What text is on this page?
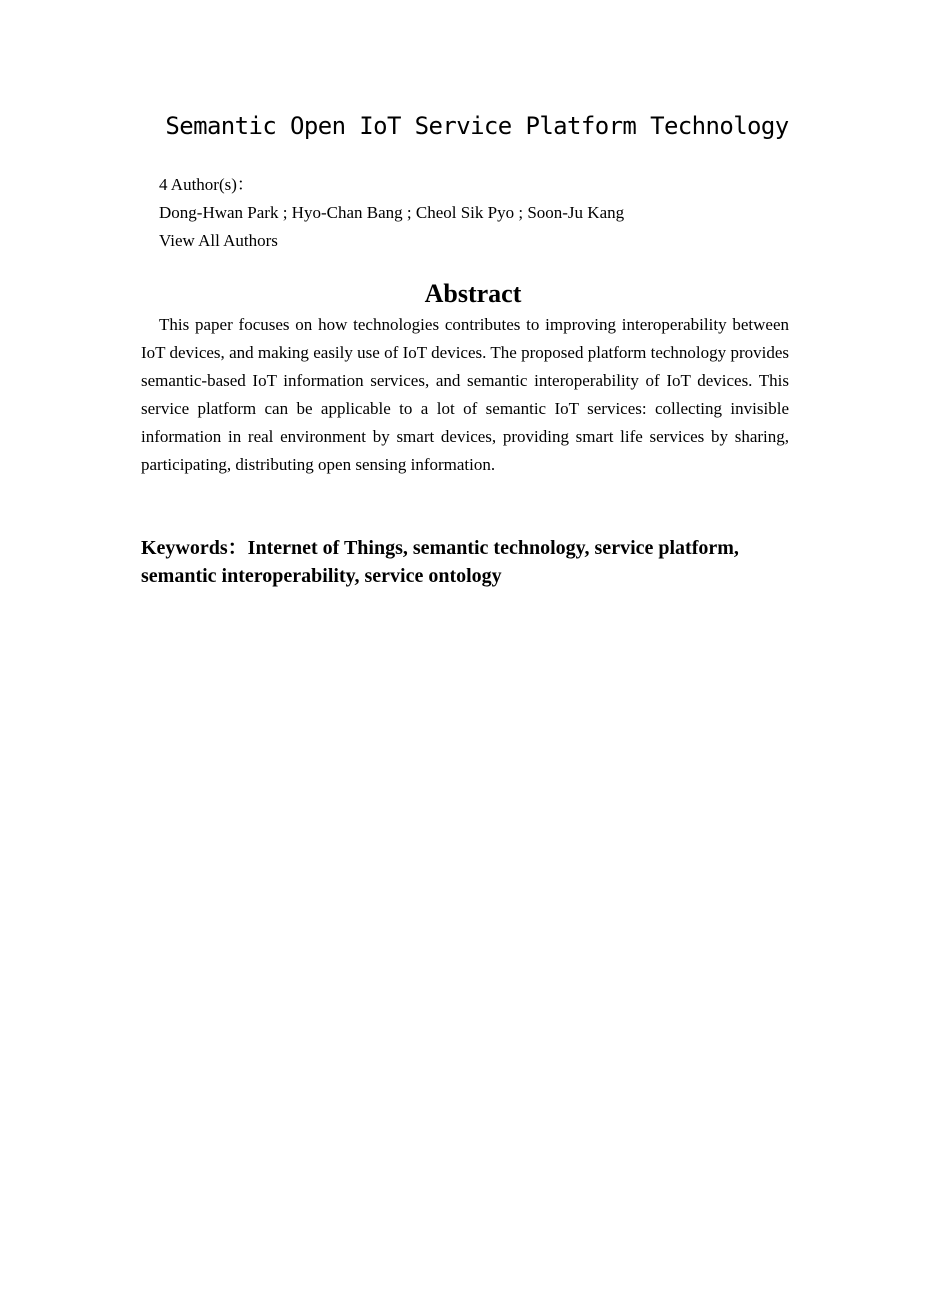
Semantic Open IoT Service Platform Technology
4 Author(s)：
Dong-Hwan Park ; Hyo-Chan Bang ; Cheol Sik Pyo ; Soon-Ju Kang
View All Authors
Abstract

This paper focuses on how technologies contributes to improving interoperability between IoT devices, and making easily use of IoT devices. The proposed platform technology provides semantic-based IoT information services, and semantic interoperability of IoT devices. This service platform can be applicable to a lot of semantic IoT services: collecting invisible information in real environment by smart devices, providing smart life services by sharing, participating, distributing open sensing information.

Keywords：Internet of Things, semantic technology, service platform, semantic interoperability, service ontology
